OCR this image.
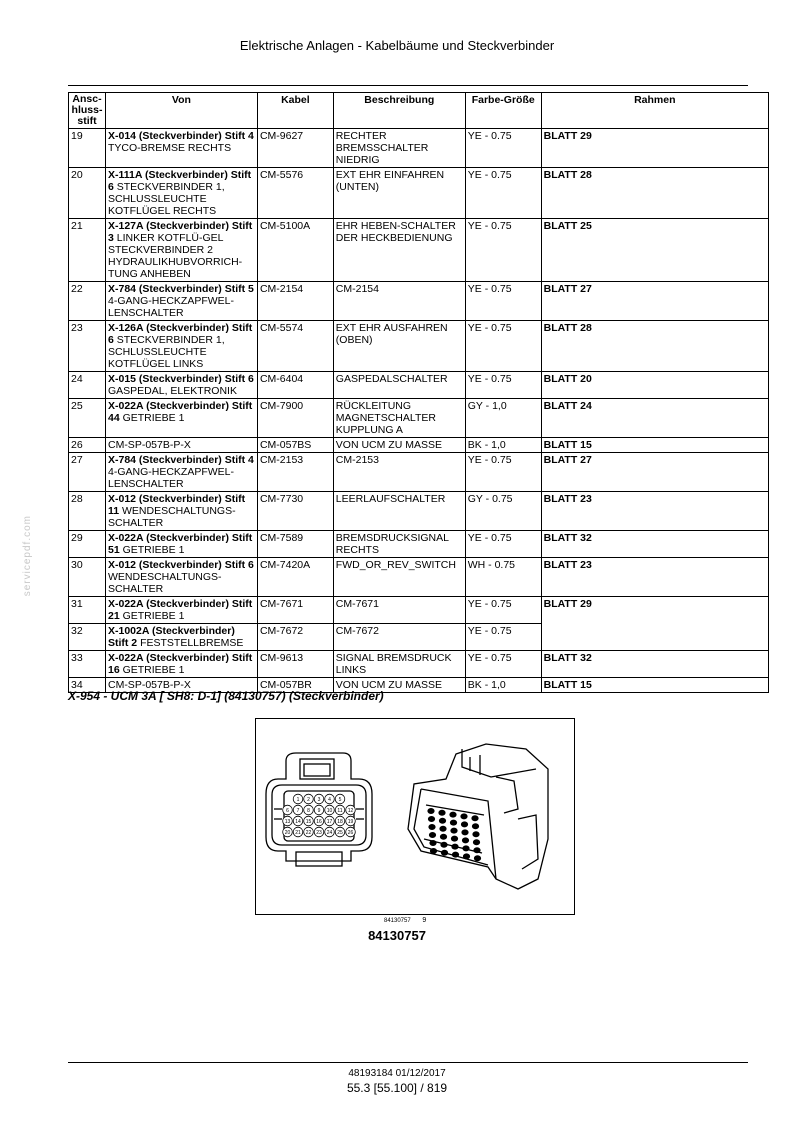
Elektrische Anlagen - Kabelbäume und Steckverbinder
servicepdf.com
Ansc-
hluss-
stift	Von	Kabel	Beschreibung	Farbe-Größe	Rahmen
19	X-014 (Steckverbinder) Stift 4 TYCO-BREMSE RECHTS	CM-9627	RECHTER BREMSSCHALTER NIEDRIG	YE - 0.75	BLATT 29
20	X-111A (Steckverbinder) Stift 6 STECKVERBINDER 1, SCHLUSSLEUCHTE KOTFLÜGEL RECHTS	CM-5576	EXT EHR EINFAHREN (UNTEN)	YE - 0.75	BLATT 28
21	X-127A (Steckverbinder) Stift 3 LINKER KOTFLÜ-GEL STECKVERBINDER 2 HYDRAULIKHUBVORRICH-TUNG ANHEBEN	CM-5100A	EHR HEBEN-SCHALTER DER HECKBEDIENUNG	YE - 0.75	BLATT 25
22	X-784 (Steckverbinder) Stift 5 4-GANG-HECKZAPFWEL-LENSCHALTER	CM-2154	CM-2154	YE - 0.75	BLATT 27
23	X-126A (Steckverbinder) Stift 6 STECKVERBINDER 1, SCHLUSSLEUCHTE KOTFLÜGEL LINKS	CM-5574	EXT EHR AUSFAHREN (OBEN)	YE - 0.75	BLATT 28
24	X-015 (Steckverbinder) Stift 6 GASPEDAL, ELEKTRONIK	CM-6404	GASPEDALSCHALTER	YE - 0.75	BLATT 20
25	X-022A (Steckverbinder) Stift 44 GETRIEBE 1	CM-7900	RÜCKLEITUNG MAGNETSCHALTER KUPPLUNG A	GY - 1,0	BLATT 24
26	CM-SP-057B-P-X	CM-057BS	VON UCM ZU MASSE	BK - 1,0	BLATT 15
27	X-784 (Steckverbinder) Stift 4 4-GANG-HECKZAPFWEL-LENSCHALTER	CM-2153	CM-2153	YE - 0.75	BLATT 27
28	X-012 (Steckverbinder) Stift 11 WENDESCHALTUNGS-SCHALTER	CM-7730	LEERLAUFSCHALTER	GY - 0.75	BLATT 23
29	X-022A (Steckverbinder) Stift 51 GETRIEBE 1	CM-7589	BREMSDRUCKSIGNAL RECHTS	YE - 0.75	BLATT 32
30	X-012 (Steckverbinder) Stift 6 WENDESCHALTUNGS-SCHALTER	CM-7420A	FWD_OR_REV_SWITCH	WH - 0.75	BLATT 23
31	X-022A (Steckverbinder) Stift 21 GETRIEBE 1	CM-7671	CM-7671	YE - 0.75	BLATT 29
32	X-1002A (Steckverbinder) Stift 2 FESTSTELLBREMSE	CM-7672	CM-7672	YE - 0.75	
33	X-022A (Steckverbinder) Stift 16 GETRIEBE 1	CM-9613	SIGNAL BREMSDRUCK LINKS	YE - 0.75	BLATT 32
34	CM-SP-057B-P-X	CM-057BR	VON UCM ZU MASSE	BK - 1,0	BLATT 15
X-954 - UCM 3A [ SH8: D-1] (84130757) (Steckverbinder)
1 2 3 4 5
6 7 8 9 10 11 12
13 14 15 16 17 18 19
20 21 22 23 24 25 26
84130757 9
84130757
48193184 01/12/2017
55.3 [55.100] / 819
